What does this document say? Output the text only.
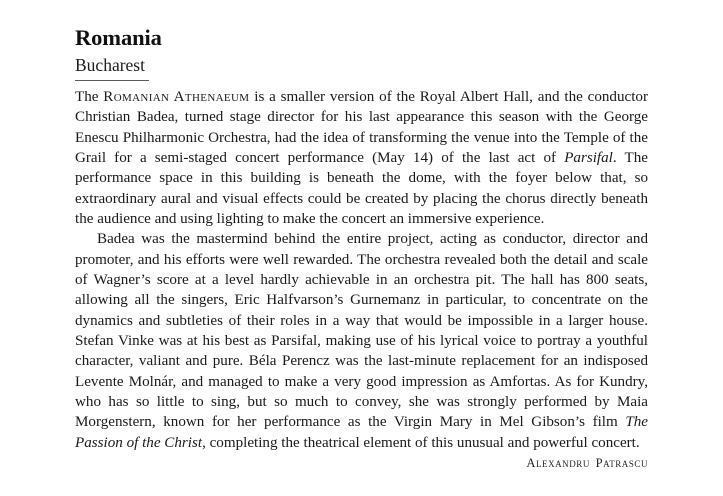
Romania
Bucharest

The Romanian Athenaeum is a smaller version of the Royal Albert Hall, and the conductor Christian Badea, turned stage director for his last appearance this season with the George Enescu Philharmonic Orchestra, had the idea of transforming the venue into the Temple of the Grail for a semi-staged concert performance (May 14) of the last act of Parsifal. The performance space in this building is beneath the dome, with the foyer below that, so extraordinary aural and visual effects could be created by placing the chorus directly beneath the audience and using lighting to make the concert an immersive experience.

Badea was the mastermind behind the entire project, acting as conductor, director and promoter, and his efforts were well rewarded. The orchestra revealed both the detail and scale of Wagner’s score at a level hardly achievable in an orchestra pit. The hall has 800 seats, allowing all the singers, Eric Halfvarson’s Gurnemanz in particular, to concentrate on the dynamics and subtleties of their roles in a way that would be impossible in a larger house. Stefan Vinke was at his best as Parsifal, making use of his lyrical voice to portray a youthful character, valiant and pure. Béla Perencz was the last-minute replacement for an indisposed Levente Molnár, and managed to make a very good impression as Amfortas. As for Kundry, who has so little to sing, but so much to convey, she was strongly performed by Maia Morgenstern, known for her performance as the Virgin Mary in Mel Gibson’s film The Passion of the Christ, completing the theatrical element of this unusual and powerful concert.

Alexandru Patrascu
